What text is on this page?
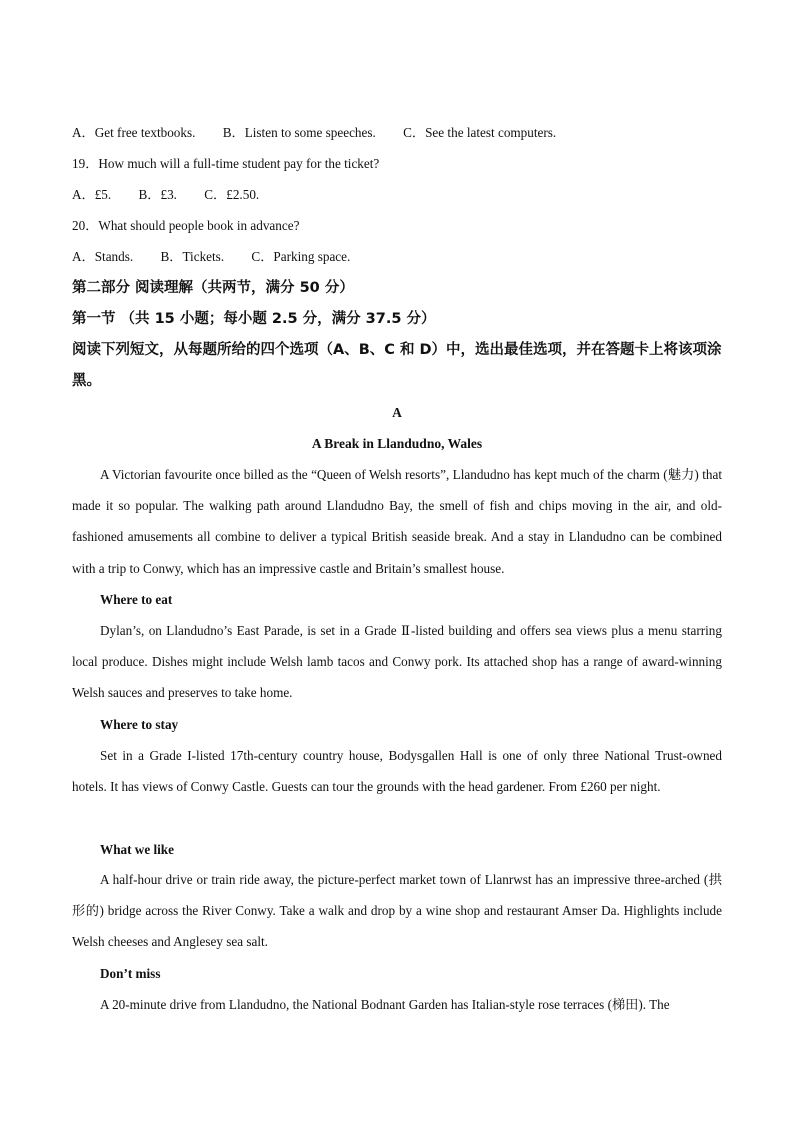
A．Get free textbooks. B．Listen to some speeches. C．See the latest computers.
19．How much will a full-time student pay for the ticket?
A．£5. B．£3. C．£2.50.
20．What should people book in advance?
A．Stands. B．Tickets. C．Parking space.
第二部分 阅读理解（共两节，满分 50 分）
第一节 （共 15 小题；每小题 2.5 分，满分 37.5 分）
阅读下列短文，从每题所给的四个选项（A、B、C 和 D）中，选出最佳选项，并在答题卡上将该项涂黑。
A
A Break in Llandudno, Wales
A Victorian favourite once billed as the “Queen of Welsh resorts”, Llandudno has kept much of the charm (魅力) that made it so popular. The walking path around Llandudno Bay, the smell of fish and chips moving in the air, and old-fashioned amusements all combine to deliver a typical British seaside break. And a stay in Llandudno can be combined with a trip to Conwy, which has an impressive castle and Britain’s smallest house.
Where to eat
Dylan’s, on Llandudno’s East Parade, is set in a Grade Ⅱ-listed building and offers sea views plus a menu starring local produce. Dishes might include Welsh lamb tacos and Conwy pork. Its attached shop has a range of award-winning Welsh sauces and preserves to take home.
Where to stay
Set in a Grade I-listed 17th-century country house, Bodysgallen Hall is one of only three National Trust-owned hotels. It has views of Conwy Castle. Guests can tour the grounds with the head gardener. From £260 per night.
What we like
A half-hour drive or train ride away, the picture-perfect market town of Llanrwst has an impressive three-arched (拱形的) bridge across the River Conwy. Take a walk and drop by a wine shop and restaurant Amser Da. Highlights include Welsh cheeses and Anglesey sea salt.
Don’t miss
A 20-minute drive from Llandudno, the National Bodnant Garden has Italian-style rose terraces (梯田). The
